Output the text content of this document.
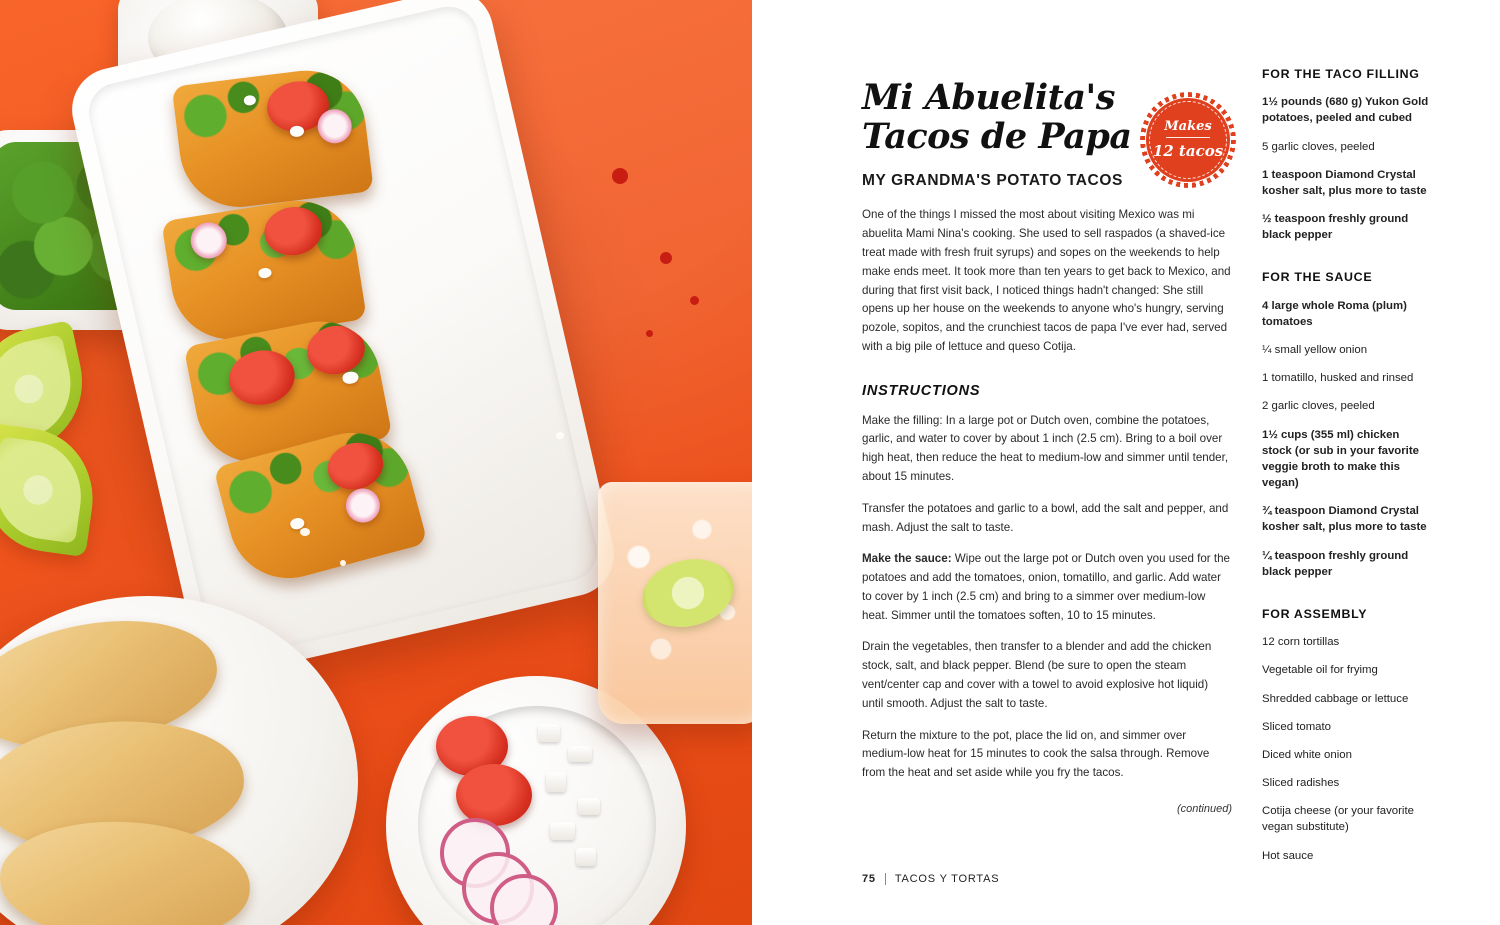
Makes
12 tacos
Mi Abuelita's Tacos de Papa
MY GRANDMA'S POTATO TACOS

One of the things I missed the most about visiting Mexico was mi abuelita Mami Nina's cooking. She used to sell raspados (a shaved-ice treat made with fresh fruit syrups) and sopes on the weekends to help make ends meet. It took more than ten years to get back to Mexico, and during that first visit back, I noticed things hadn't changed: She still opens up her house on the weekends to anyone who's hungry, serving pozole, sopitos, and the crunchiest tacos de papa I've ever had, served with a big pile of lettuce and queso Cotija.

INSTRUCTIONS

Make the filling: In a large pot or Dutch oven, combine the potatoes, garlic, and water to cover by about 1 inch (2.5 cm). Bring to a boil over high heat, then reduce the heat to medium-low and simmer until tender, about 15 minutes.

Transfer the potatoes and garlic to a bowl, add the salt and pepper, and mash. Adjust the salt to taste.

Make the sauce: Wipe out the large pot or Dutch oven you used for the potatoes and add the tomatoes, onion, tomatillo, and garlic. Add water to cover by 1 inch (2.5 cm) and bring to a simmer over medium-low heat. Simmer until the tomatoes soften, 10 to 15 minutes.

Drain the vegetables, then transfer to a blender and add the chicken stock, salt, and black pepper. Blend (be sure to open the steam vent/center cap and cover with a towel to avoid explosive hot liquid) until smooth. Adjust the salt to taste.

Return the mixture to the pot, place the lid on, and simmer over medium-low heat for 15 minutes to cook the salsa through. Remove from the heat and set aside while you fry the tacos.

(continued)

FOR THE TACO FILLING
1½ pounds (680 g) Yukon Gold potatoes, peeled and cubed
5 garlic cloves, peeled
1 teaspoon Diamond Crystal kosher salt, plus more to taste
½ teaspoon freshly ground black pepper
FOR THE SAUCE
4 large whole Roma (plum) tomatoes
¼ small yellow onion
1 tomatillo, husked and rinsed
2 garlic cloves, peeled
1½ cups (355 ml) chicken stock (or sub in your favorite veggie broth to make this vegan)
¾ teaspoon Diamond Crystal kosher salt, plus more to taste
¼ teaspoon freshly ground black pepper
FOR ASSEMBLY
12 corn tortillas
Vegetable oil for fryimg
Shredded cabbage or lettuce
Sliced tomato
Diced white onion
Sliced radishes
Cotija cheese (or your favorite vegan substitute)
Hot sauce
75 TACOS Y TORTAS
